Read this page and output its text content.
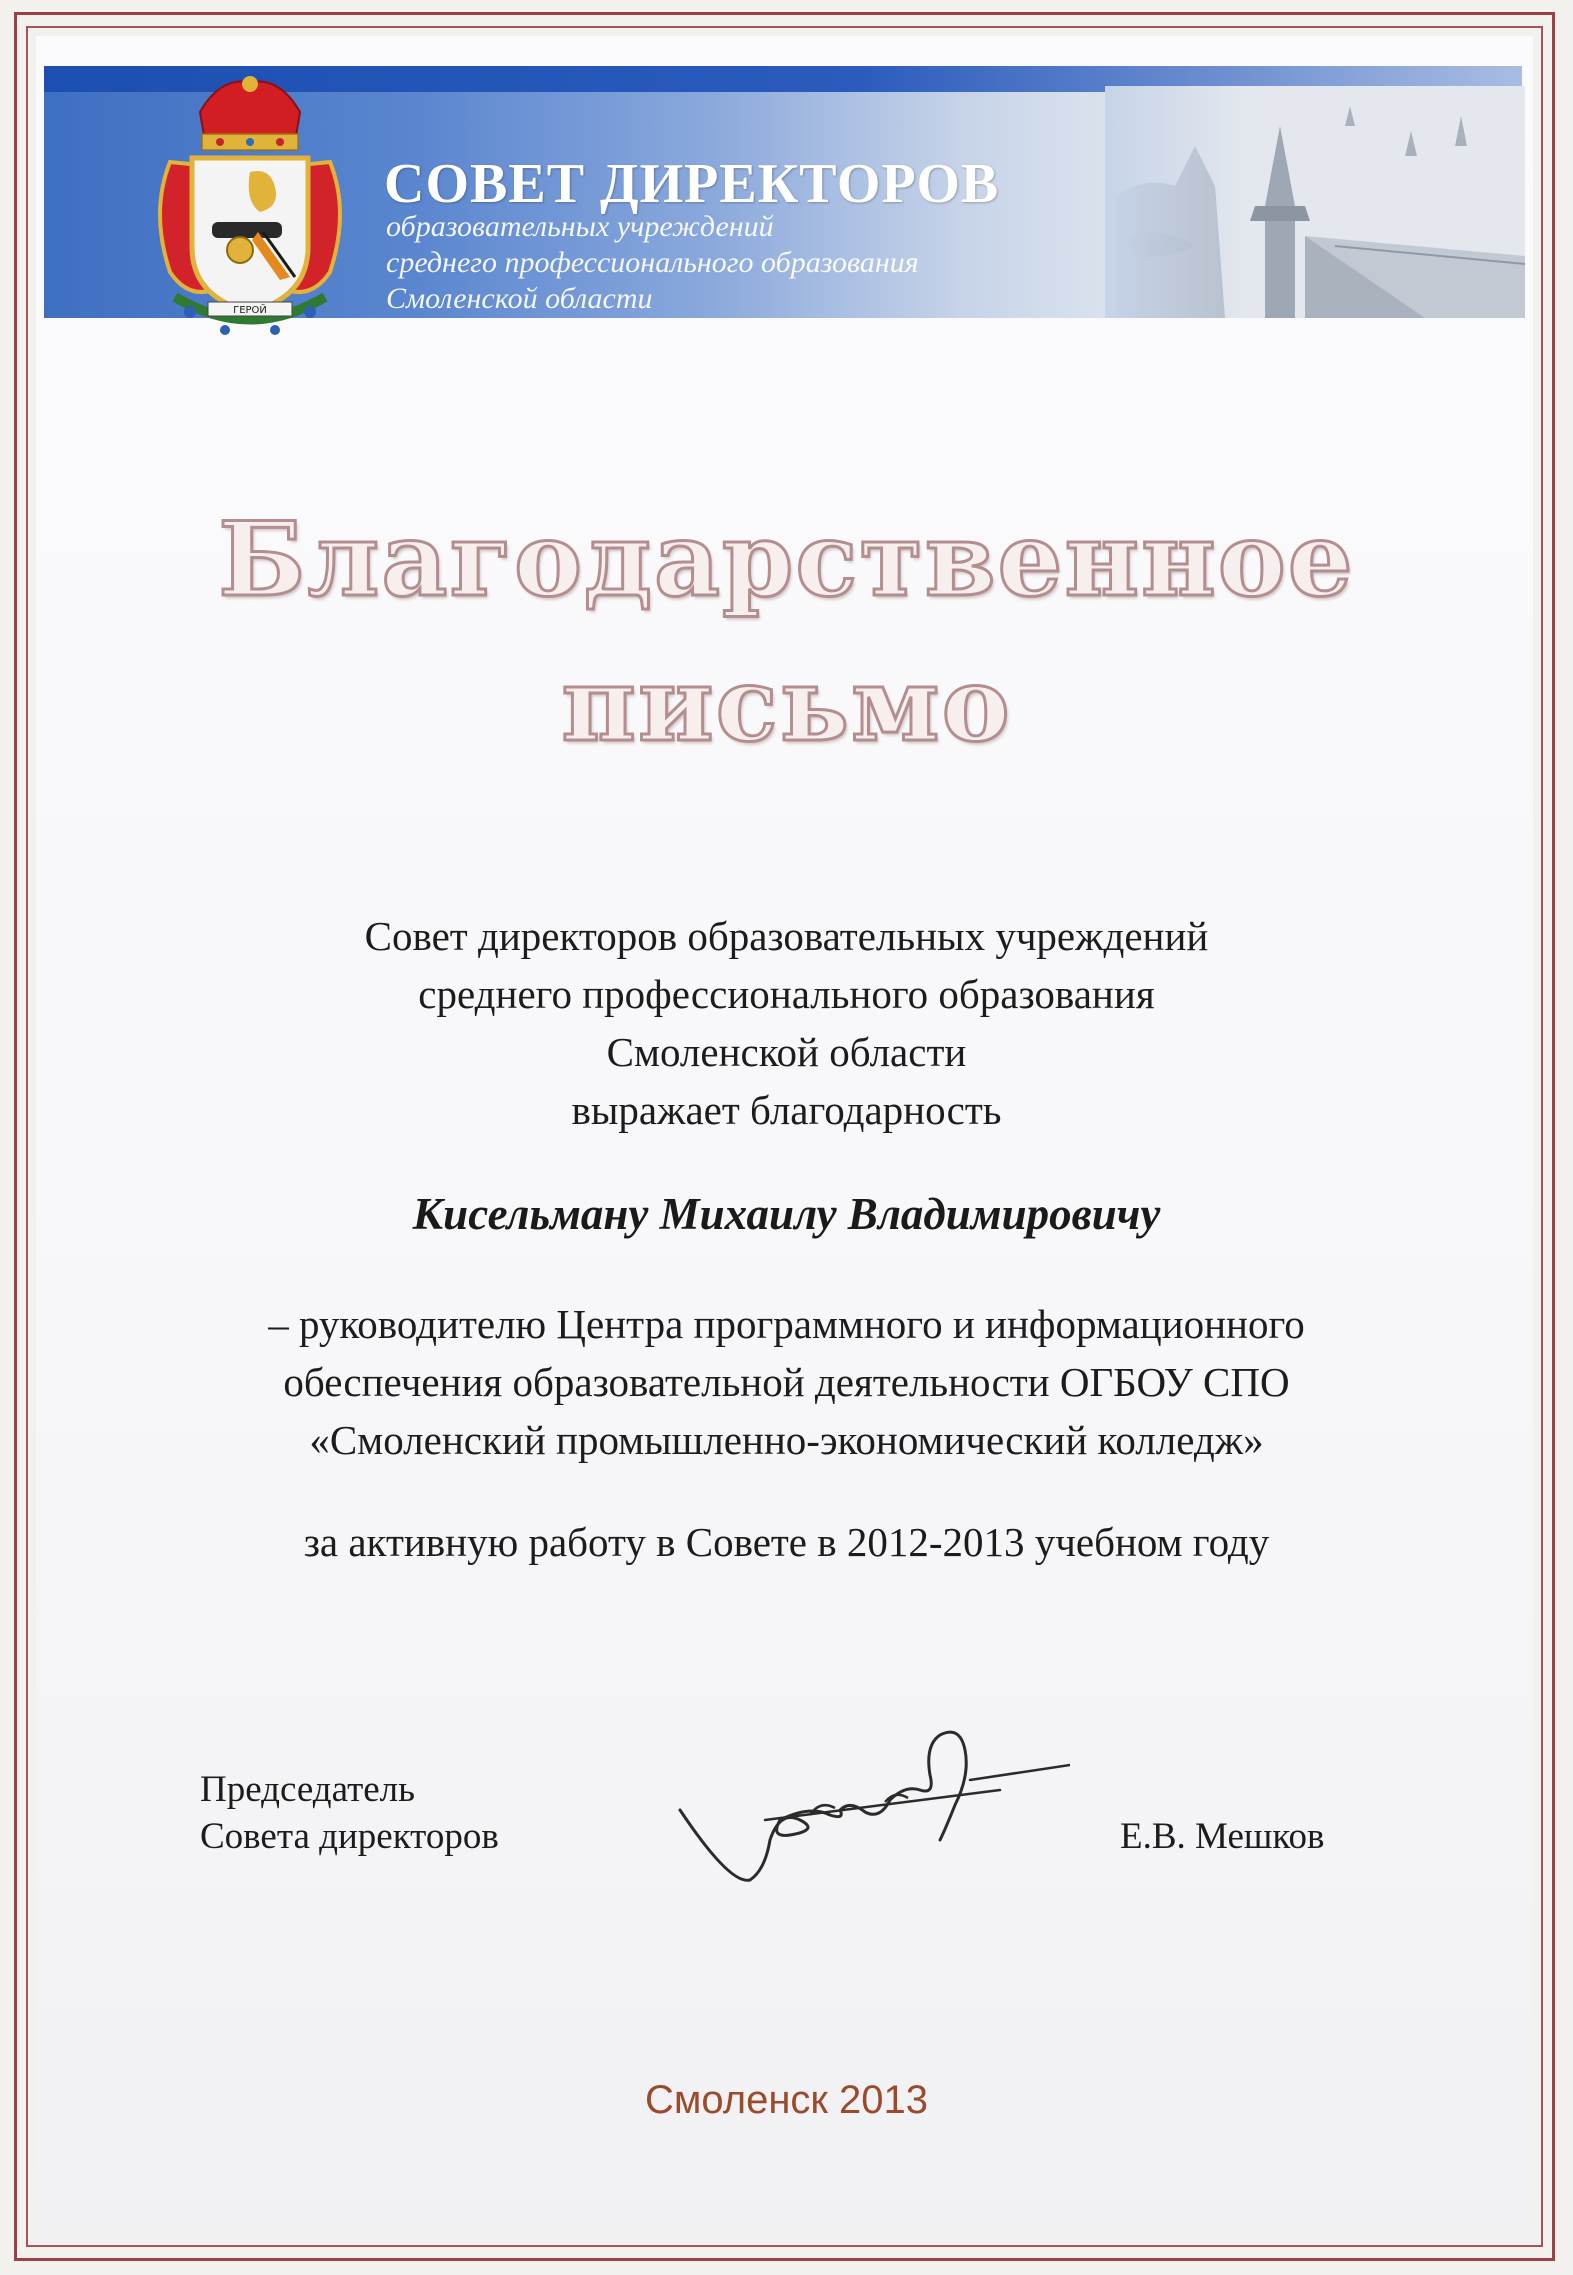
ГЕРОЙ
СОВЕТ ДИРЕКТОРОВ
образовательных учреждений
среднего профессионального образования
Смоленской области
Благодарственное
письмо
Совет директоров образовательных учреждений
среднего профессионального образования
Смоленской области
выражает благодарность
Кисельману Михаилу Владимировичу
– руководителю Центра программного и информационного
обеспечения образовательной деятельности ОГБОУ СПО
«Смоленский промышленно-экономический колледж»
за активную работу в Совете в 2012-2013 учебном году
Председатель
Совета директоров	Е.В. Мешков
Смоленск 2013
